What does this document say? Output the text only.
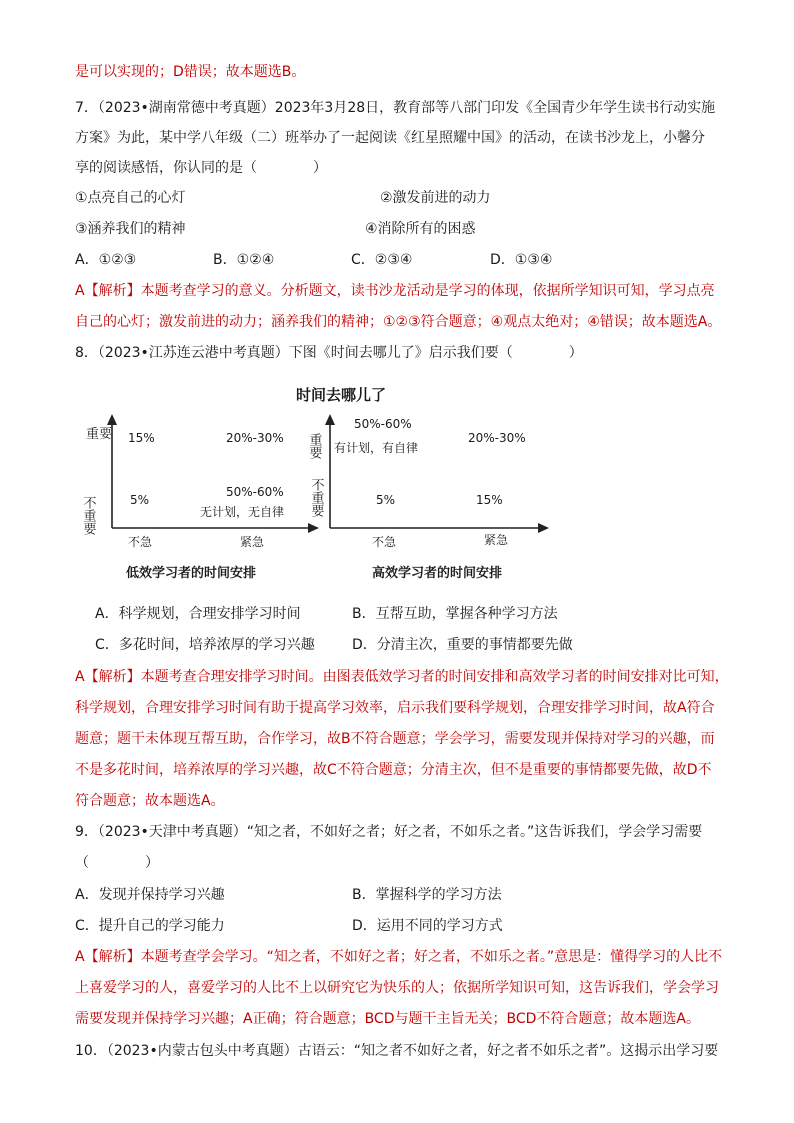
是可以实现的；D错误；故本题选B。
7．（2023•湖南常德中考真题）2023年3月28日，教育部等八部门印发《全国青少年学生读书行动实施
方案》为此，某中学八年级（二）班举办了一起阅读《红星照耀中国》的活动，在读书沙龙上，小馨分
享的阅读感悟，你认同的是（　　　　）
①点亮自己的心灯	②激发前进的动力
③涵养我们的精神	④消除所有的困惑
A．①②③	B．①②④	C．②③④	D．①③④
A【解析】本题考查学习的意义。分析题文，读书沙龙活动是学习的体现，依据所学知识可知，学习点亮
自己的心灯；激发前进的动力；涵养我们的精神；①②③符合题意；④观点太绝对；④错误；故本题选A。
8．（2023•江苏连云港中考真题）下图《时间去哪儿了》启示我们要（　　　　）
时间去哪儿了
重要
不重要
15%	20%-30%
5%
50%-60%
无计划，无自律
不急	紧急
低效学习者的时间安排
重要
不重要
50%-60%
有计划，有自律
20%-30%
5%	15%
不急	紧急
高效学习者的时间安排
A．科学规划，合理安排学习时间	B．互帮互助，掌握各种学习方法
C．多花时间，培养浓厚的学习兴趣	D．分清主次，重要的事情都要先做
A【解析】本题考查合理安排学习时间。由图表低效学习者的时间安排和高效学习者的时间安排对比可知，
科学规划，合理安排学习时间有助于提高学习效率，启示我们要科学规划，合理安排学习时间，故A符合
题意；题干未体现互帮互助，合作学习，故B不符合题意；学会学习，需要发现并保持对学习的兴趣，而
不是多花时间，培养浓厚的学习兴趣，故C不符合题意；分清主次，但不是重要的事情都要先做，故D不
符合题意；故本题选A。
9．（2023•天津中考真题）“知之者，不如好之者；好之者，不如乐之者。”这告诉我们，学会学习需要
（　　　　）
A．发现并保持学习兴趣	B．掌握科学的学习方法
C．提升自己的学习能力	D．运用不同的学习方式
A【解析】本题考查学会学习。“知之者，不如好之者；好之者，不如乐之者。”意思是：懂得学习的人比不
上喜爱学习的人，喜爱学习的人比不上以研究它为快乐的人；依据所学知识可知，这告诉我们，学会学习
需要发现并保持学习兴趣；A正确；符合题意；BCD与题干主旨无关；BCD不符合题意；故本题选A。
10．（2023•内蒙古包头中考真题）古语云：“知之者不如好之者，好之者不如乐之者”。这揭示出学习要
